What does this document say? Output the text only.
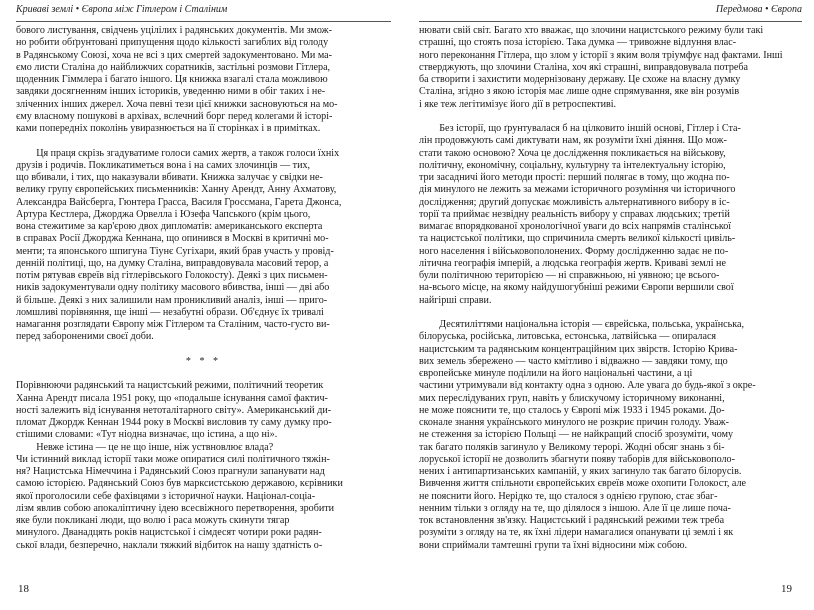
Криваві землі • Європа між Гітлером і Сталіним
бового листування, свідчень уцілілих і радянських документів. Ми змож-
но робити обґрунтовані припущення щодо кількості загиблих від голоду
в Радянському Союзі, хоча не всі з цих смертей задокументовано. Ми ма-
ємо листи Сталіна до найближчих соратників, застільні розмови Гітлера,
щоденник Гіммлера і багато іншого. Ця книжка взагалі стала можливою
завдяки досягненням інших істориків, уведенню ними в обіг таких і не-
зліченних інших джерел. Хоча певні тези цієї книжки засновуються на мо-
єму власному пошукові в архівах, вслечний борг перед колегами й історі-
ками попередніх поколінь увиразнюється на її сторінках і в примітках.
  Ця праця скрізь згадуватиме голоси самих жертв, а також голоси їхніх
друзів і родичів. Покликатиметься вона і на самих злочинців — тих,
що вбивали, і тих, що наказували вбивати. Книжка залучає у свідки не-
велику групу європейських письменників: Ханну Арендт, Анну Ахматову,
Александра Вайсберга, Гюнтера Грасса, Василя Гроссмана, Гарета Джонса,
Артура Кестлера, Джорджа Орвелла і Юзефа Чапського (крім цього,
вона стежитиме за кар'єрою двох дипломатів: американського експерта
в справах Росії Джорджа Кеннана, що опинився в Москві в критичні мо-
менти; та японського шпигуна Тіунє Сугіхари, який брав участь у провід-
денній політиці, що, на думку Сталіна, виправдовувала масовий терор, а
потім рятував євреїв від гітлерівського Голокосту). Деякі з цих письмен-
ників задокументували одну політику масового вбивства, інші — дві або
й більше. Деякі з них залишили нам проникливий аналіз, інші — приго-
ломшливі порівняння, ще інші — незабутні образи. Об'єднує їх тривалі
намагання розглядати Європу між Гітлером та Сталіним, часто-густо ви-
перед забороненими своєї доби.
* * *
Порівнюючи радянський та нацистський режими, політичний теоретик
Ханна Арендт писала 1951 року, що «подальше існування самої фактич-
ності залежить від існування нетоталітарного світу». Американський ди-
пломат Джордж Кеннан 1944 року в Москві висловив ту саму думку про-
стішими словами: «Тут ніодна визначає, що істина, а що ні».
  Невже істина — це не що інше, ніж уствновлює влада?
Чи істинний виклад історії таки може опиратися силі політичного тяжін-
ня? Нацистська Німеччина і Радянський Союз прагнули запанувати над
самою історією. Радянський Союз був марксистською державою, кєрівники
якої проголосили себе фахівцями з історичної науки. Націонал-соціа-
лізм явлив собою апокаліптичну ідею всесвіжного перетворення, зробити
яке були покликані люди, що волю і раса можуть скинути тягар
минулого. Дванадцять років нацистської і сімдесят чотири роки радян-
ської влади, безперечно, наклали тяжкий відбиток на нашу здатність о-
18
Передмова • Європа
нювати свій світ. Багато хто вважає, що злочини нацистського режиму були такі
страшні, що стоять поза історією. Така думка — тривожне відлуння влас-
ного переконання Гітлера, що злом у історії з яким воля тріумфує над фактами. Інші
стверджують, що злочини Сталіна, хоч які страшні, виправдовувала потреба
ба створити і захистити модернізовану державу. Це схоже на власну думку
Сталіна, згідно з якою історія має лише одне спрямування, яке він розумів
і яке теж легітимізує його дії в ретроспективі.
  Без історії, що ґрунтувалася б на цілковито іншій основі, Гітлер і Ста-
лін продовжують самі диктувати нам, як розуміти їхні діяння. Що мож-
стати такою основою? Хоча це дослідження покликається на військову,
політичну, економічну, соціальну, культурну та інтелектуальну історію,
три засадничі його методи прості: перший полягає в тому, що жодна по-
дія минулого не лежить за межами історичного розуміння чи історичного
дослідження; другий допускає можливість альтернативного вибору в іс-
торії та приймає незвідну реальність вибору у справах людських; третій
вимагає впорядкованої хронологічної уваги до всіх напрямів сталінської
та нацистської політики, що спричинила смерть великої кількості цивіль-
ного населення і військовополонених. Форму дослідженню задає не по-
літична географія імперій, а людська географія жертв. Криваві землі не
були політичною територією — ні справжньою, ні уявною; це всього-
на-всього місце, на якому найдушогубніші режими Європи вершили свої
найгірші справи.
  Десятиліттями національна історія — єврейська, польська, українська,
білоруська, російська, литовська, естонська, латвійська — опиралася
нацистським та радянським концентраційним цих звірств. Історію Крива-
вих земель збережено — часто кмітливо і відважно — завдяки тому, що
європейське минуле поділили на його національні частини, а ці
частини утримували від контакту одна з одною. Але увага до будь-якої з окре-
мих переслідуваних груп, навіть у блискучому історичному виконанні,
не може пояснити те, що сталось у Європі між 1933 і 1945 роками. До-
сконале знання українського минулого не розкриє причин голоду. Уваж-
не стеження за історією Польщі — не найкращий спосіб зрозуміти, чому
так багато поляків загинуло у Великому терорі. Жодні обсяг знань з бі-
лоруської історії не дозволить збагнути появу таборів для військовополо-
нених і антипартизанських кампаній, у яких загинуло так багато білорусів.
Вивчення життя спільноти європейських євреїв може охопити Голокост, але
не пояснити його. Нерідко те, що сталося з однією групою, стає збаг-
ненним тільки з огляду на те, що ділялося з іншою. Але її це лише поча-
ток встановлення зв'язку. Нацистський і радянський режими теж треба
розуміти з огляду на те, як їхні лідери намагалися опанувати ці землі і як
вони сприймали тамтешні групи та їхні відносини між собою.
19
